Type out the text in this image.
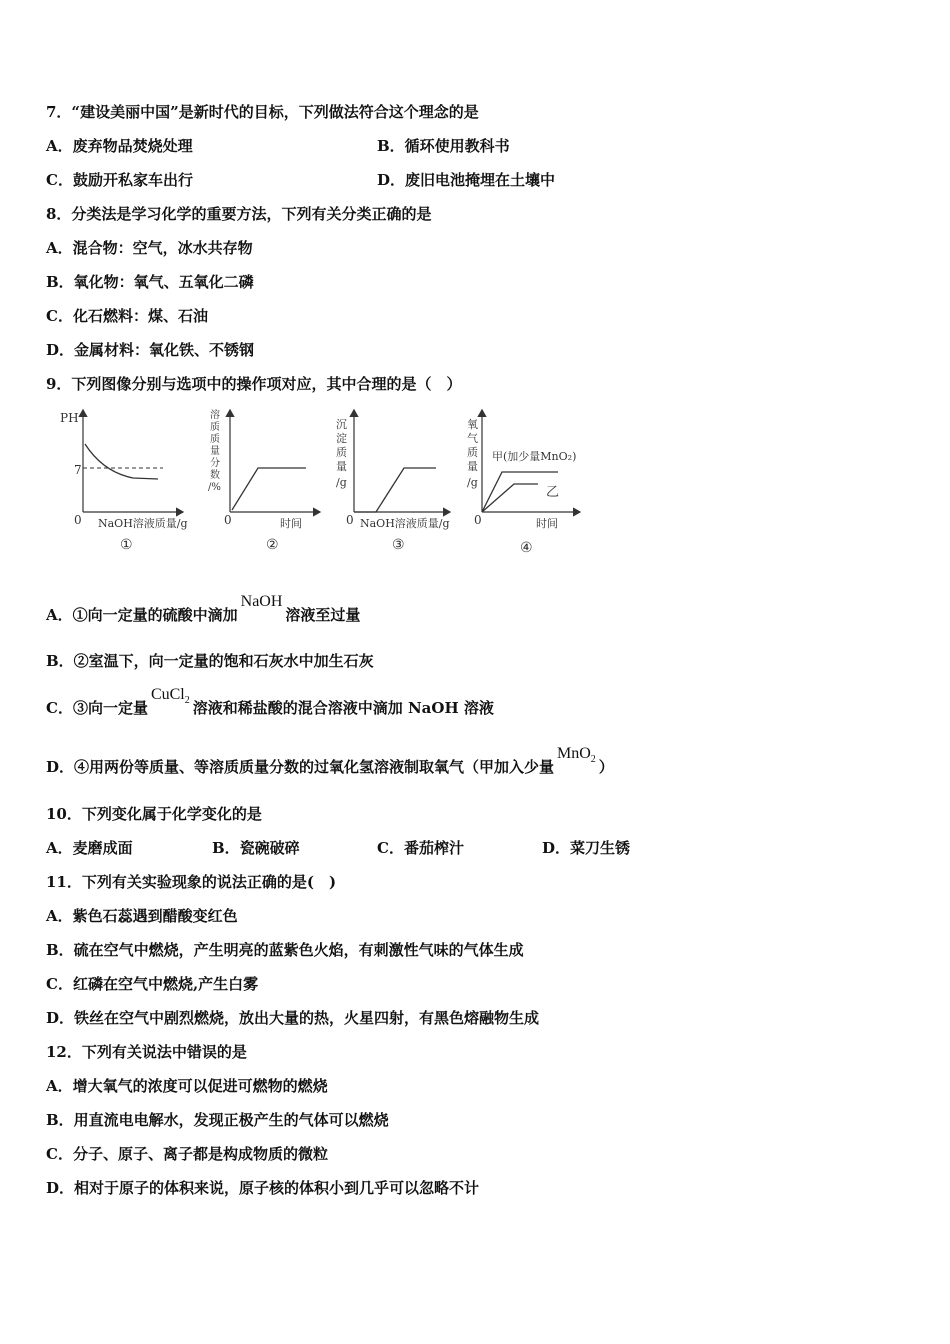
7．“建设美丽中国”是新时代的目标，下列做法符合这个理念的是
A．废弃物品焚烧处理	B．循环使用教科书
C．鼓励开私家车出行	D．废旧电池掩埋在土壤中
8．分类法是学习化学的重要方法，下列有关分类正确的是
A．混合物：空气，冰水共存物
B．氧化物：氧气、五氧化二磷
C．化石燃料：煤、石油
D．金属材料：氧化铁、不锈钢
9．下列图像分别与选项中的操作项对应，其中合理的是（　）
PH
7
0 NaOH溶液质量/g
①
溶
质
质
量
分
数
/%
0	时间
②
沉
淀
质
量
/g
0 NaOH溶液质量/g
③
氧
气
质
量
/g
甲(加少量MnO₂)
乙
0	时间
④
A．①向一定量的硫酸中滴加NaOH溶液至过量
B．②室温下，向一定量的饱和石灰水中加生石灰
C．③向一定量CuCl$_2$ 溶液和稀盐酸的混合溶液中滴加 NaOH 溶液
D．④用两份等质量、等溶质质量分数的过氧化氢溶液制取氧气（甲加入少量MnO$_2$ ）
10．下列变化属于化学变化的是
A．麦磨成面	B．瓷碗破碎	C．番茄榨汁	D．菜刀生锈
11．下列有关实验现象的说法正确的是(　)
A．紫色石蕊遇到醋酸变红色
B．硫在空气中燃烧，产生明亮的蓝紫色火焰，有刺激性气味的气体生成
C．红磷在空气中燃烧,产生白雾
D．铁丝在空气中剧烈燃烧，放出大量的热，火星四射，有黑色熔融物生成
12．下列有关说法中错误的是
A．增大氧气的浓度可以促进可燃物的燃烧
B．用直流电电解水，发现正极产生的气体可以燃烧
C．分子、原子、离子都是构成物质的微粒
D．相对于原子的体积来说，原子核的体积小到几乎可以忽略不计
